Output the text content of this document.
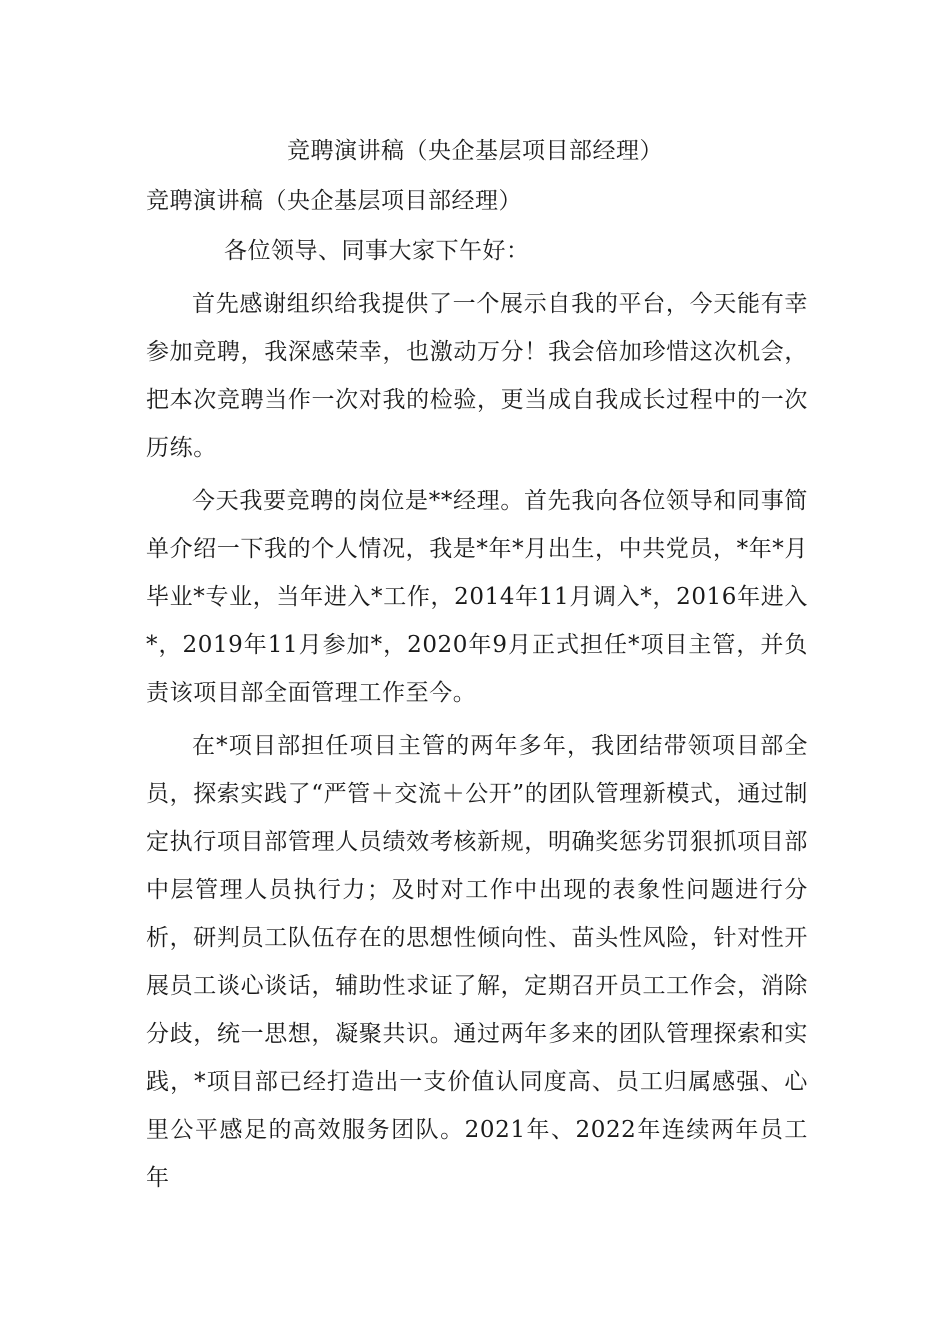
竞聘演讲稿（央企基层项目部经理）

竞聘演讲稿（央企基层项目部经理）

各位领导、同事大家下午好：

首先感谢组织给我提供了一个展示自我的平台，今天能有幸参加竞聘，我深感荣幸，也激动万分！我会倍加珍惜这次机会，把本次竞聘当作一次对我的检验，更当成自我成长过程中的一次历练。

今天我要竞聘的岗位是**经理。首先我向各位领导和同事简单介绍一下我的个人情况，我是*年*月出生，中共党员，*年*月毕业*专业，当年进入*工作，2014年11月调入*，2016年进入*，2019年11月参加*，2020年9月正式担任*项目主管，并负责该项目部全面管理工作至今。

在*项目部担任项目主管的两年多年，我团结带领项目部全员，探索实践了“严管＋交流＋公开”的团队管理新模式，通过制定执行项目部管理人员绩效考核新规，明确奖惩劣罚狠抓项目部中层管理人员执行力；及时对工作中出现的表象性问题进行分析，研判员工队伍存在的思想性倾向性、苗头性风险，针对性开展员工谈心谈话，辅助性求证了解，定期召开员工工作会，消除分歧，统一思想，凝聚共识。通过两年多来的团队管理探索和实践，*项目部已经打造出一支价值认同度高、员工归属感强、心里公平感足的高效服务团队。2021年、2022年连续两年员工年
